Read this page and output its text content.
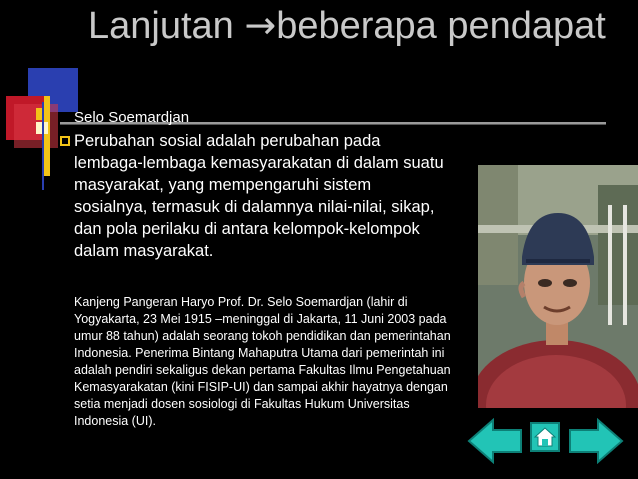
Lanjutan →beberapa pendapat
Selo Soemardjan
Perubahan sosial adalah perubahan pada lembaga-lembaga kemasyarakatan di dalam suatu masyarakat, yang mempengaruhi sistem sosialnya, termasuk di dalamnya nilai-nilai, sikap, dan pola perilaku di antara kelompok-kelompok dalam masyarakat.
Kanjeng Pangeran Haryo Prof. Dr. Selo Soemardjan (lahir di Yogyakarta, 23 Mei 1915 –meninggal di Jakarta, 11 Juni 2003 pada umur 88 tahun) adalah seorang tokoh pendidikan dan pemerintahan Indonesia. Penerima Bintang Mahaputra Utama dari pemerintah ini adalah pendiri sekaligus dekan pertama Fakultas Ilmu Pengetahuan Kemasyarakatan (kini FISIP-UI) dan sampai akhir hayatnya dengan setia menjadi dosen sosiologi di Fakultas Hukum Universitas Indonesia (UI).
